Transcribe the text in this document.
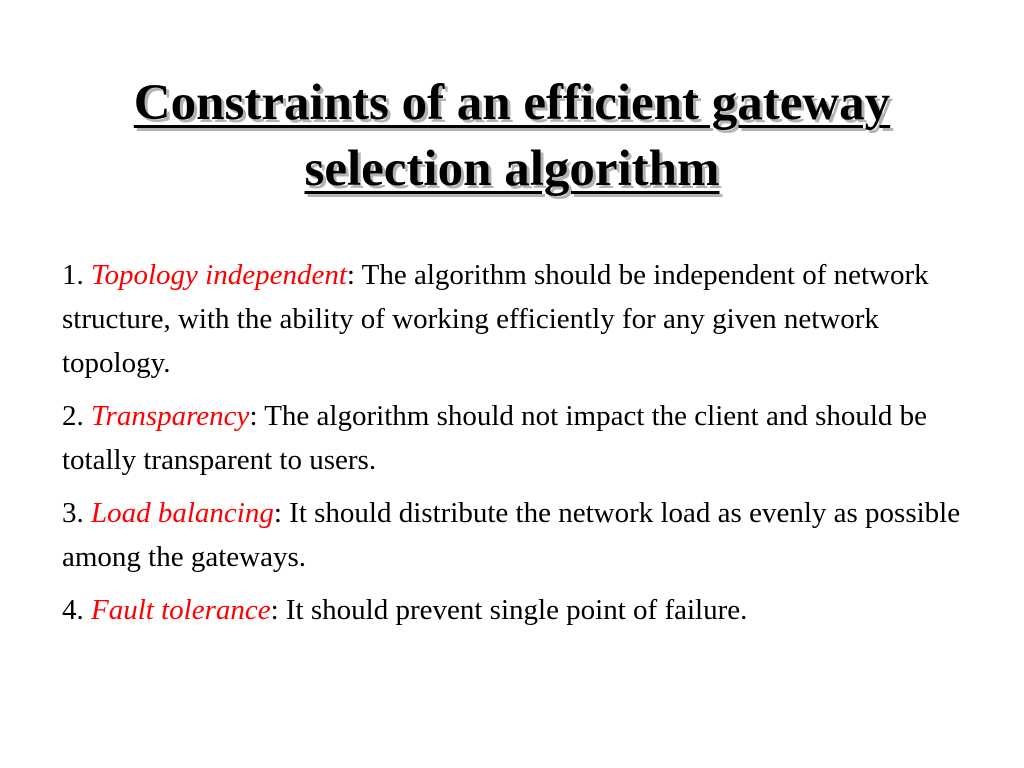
Constraints of an efficient gateway
selection algorithm
1. Topology independent: The algorithm should be independent of network structure, with the ability of working efficiently for any given network topology.
2. Transparency: The algorithm should not impact the client and should be totally transparent to users.
3. Load balancing: It should distribute the network load as evenly as possible among the gateways.
4. Fault tolerance: It should prevent single point of failure.
